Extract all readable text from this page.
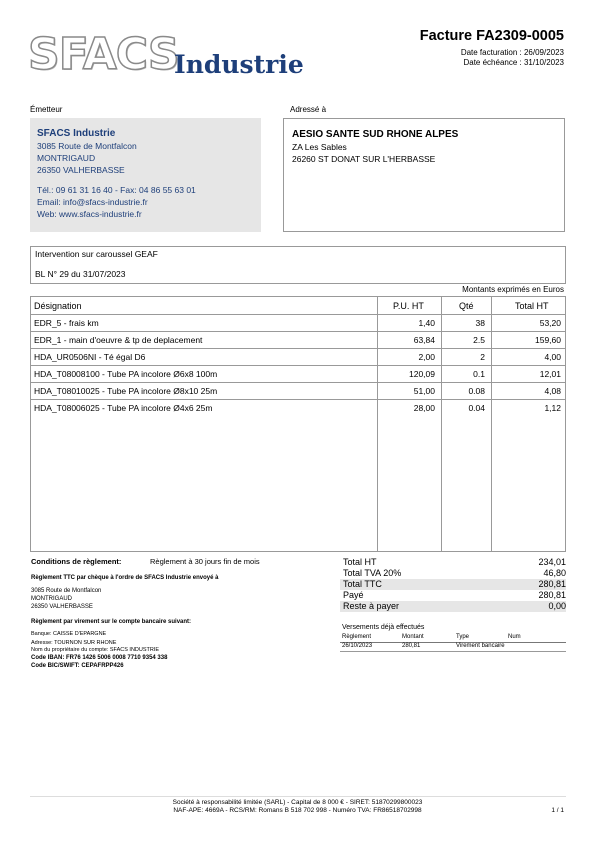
SFACS
Industrie
Facture FA2309-0005
Date facturation : 26/09/2023
Date échéance : 31/10/2023
Émetteur
SFACS Industrie
3085 Route de Montfalcon
MONTRIGAUD
26350 VALHERBASSE
Tél.: 09 61 31 16 40 - Fax: 04 86 55 63 01
Email: info@sfacs-industrie.fr
Web: www.sfacs-industrie.fr
Adressé à
AESIO SANTE SUD RHONE ALPES
ZA Les Sables
26260 ST DONAT SUR L'HERBASSE
Intervention sur caroussel GEAF
BL N° 29 du 31/07/2023
Montants exprimés en Euros
Désignation	P.U. HT	Qté	Total HT
EDR_5 - frais km	1,40	38	53,20
EDR_1 - main d'oeuvre & tp de deplacement	63,84	2.5	159,60
HDA_UR0506NI - Té égal D6	2,00	2	4,00
HDA_T08008100 - Tube PA incolore Ø6x8 100m	120,09	0.1	12,01
HDA_T08010025 - Tube PA incolore Ø8x10 25m	51,00	0.08	4,08
HDA_T08006025 - Tube PA incolore Ø4x6 25m	28,00	0.04	1,12
Conditions de règlement:	Règlement à 30 jours fin de mois
Règlement TTC par chèque à l'ordre de SFACS Industrie envoyé à
3085 Route de Montfalcon
MONTRIGAUD
26350 VALHERBASSE
Règlement par virement sur le compte bancaire suivant:
Banque: CAISSE D'EPARGNE
Adresse: TOURNON SUR RHONE
Nom du propriétaire du compte: SFACS INDUSTRIE
Code IBAN: FR76 1426 5006 0008 7710 9354 338
Code BIC/SWIFT: CEPAFRPP426
Total HT	234,01
Total TVA 20%	46,80
Total TTC	280,81
Payé	280,81
Reste à payer	0,00
Versements déjà effectués
Règlement	Montant	Type	Num
26/10/2023	280,81	Virement bancaire
Société à responsabilité limitée (SARL) - Capital de 8 000 € - SIRET: 51870299800023
NAF-APE: 4669A - RCS/RM: Romans B 518 702 998 - Numéro TVA: FR86518702998	1 / 1
